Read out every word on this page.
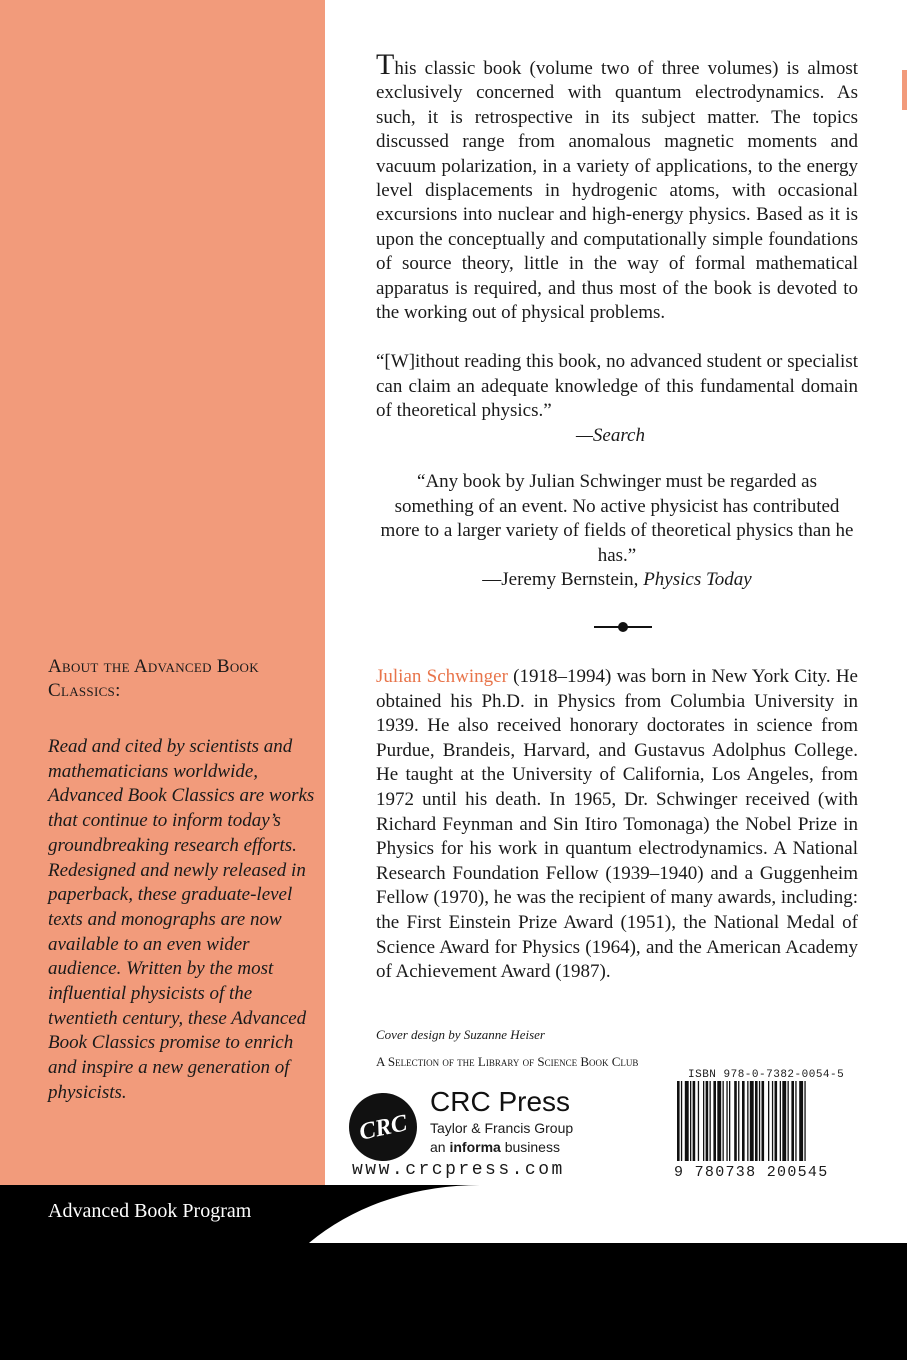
About the Advanced Book Classics:
Read and cited by scientists and mathematicians worldwide, Advanced Book Classics are works that continue to inform today’s groundbreaking research efforts. Redesigned and newly released in paperback, these graduate-level texts and monographs are now available to an even wider audience. Written by the most influential physicists of the twentieth century, these Advanced Book Classics promise to enrich and inspire a new generation of physicists.
This classic book (volume two of three volumes) is almost exclusively concerned with quantum electrodynamics. As such, it is retrospective in its subject matter. The topics discussed range from anomalous magnetic moments and vacuum polarization, in a variety of applications, to the energy level displacements in hydrogenic atoms, with occasional excursions into nuclear and high-energy physics. Based as it is upon the conceptually and computationally simple foundations of source theory, little in the way of formal mathematical apparatus is required, and thus most of the book is devoted to the working out of physical problems.
“[W]ithout reading this book, no advanced student or specialist can claim an adequate knowledge of this fundamental domain of theoretical physics.”
—Search
“Any book by Julian Schwinger must be regarded as something of an event. No active physicist has contributed more to a larger variety of fields of theoretical physics than he has.”
—Jeremy Bernstein, Physics Today
Julian Schwinger (1918–1994) was born in New York City. He obtained his Ph.D. in Physics from Columbia University in 1939. He also received honorary doctorates in science from Purdue, Brandeis, Harvard, and Gustavus Adolphus College. He taught at the University of California, Los Angeles, from 1972 until his death. In 1965, Dr. Schwinger received (with Richard Feynman and Sin Itiro Tomonaga) the Nobel Prize in Physics for his work in quantum electrodynamics. A National Research Foundation Fellow (1939–1940) and a Guggenheim Fellow (1970), he was the recipient of many awards, including: the First Einstein Prize Award (1951), the National Medal of Science Award for Physics (1964), and the American Academy of Achievement Award (1987).
Cover design by Suzanne Heiser
A Selection of the Library of Science Book Club
CRC
CRC Press
Taylor & Francis Group
an informa business
www.crcpress.com
ISBN 978-0-7382-0054-5
9 780738 200545
Advanced Book Program
